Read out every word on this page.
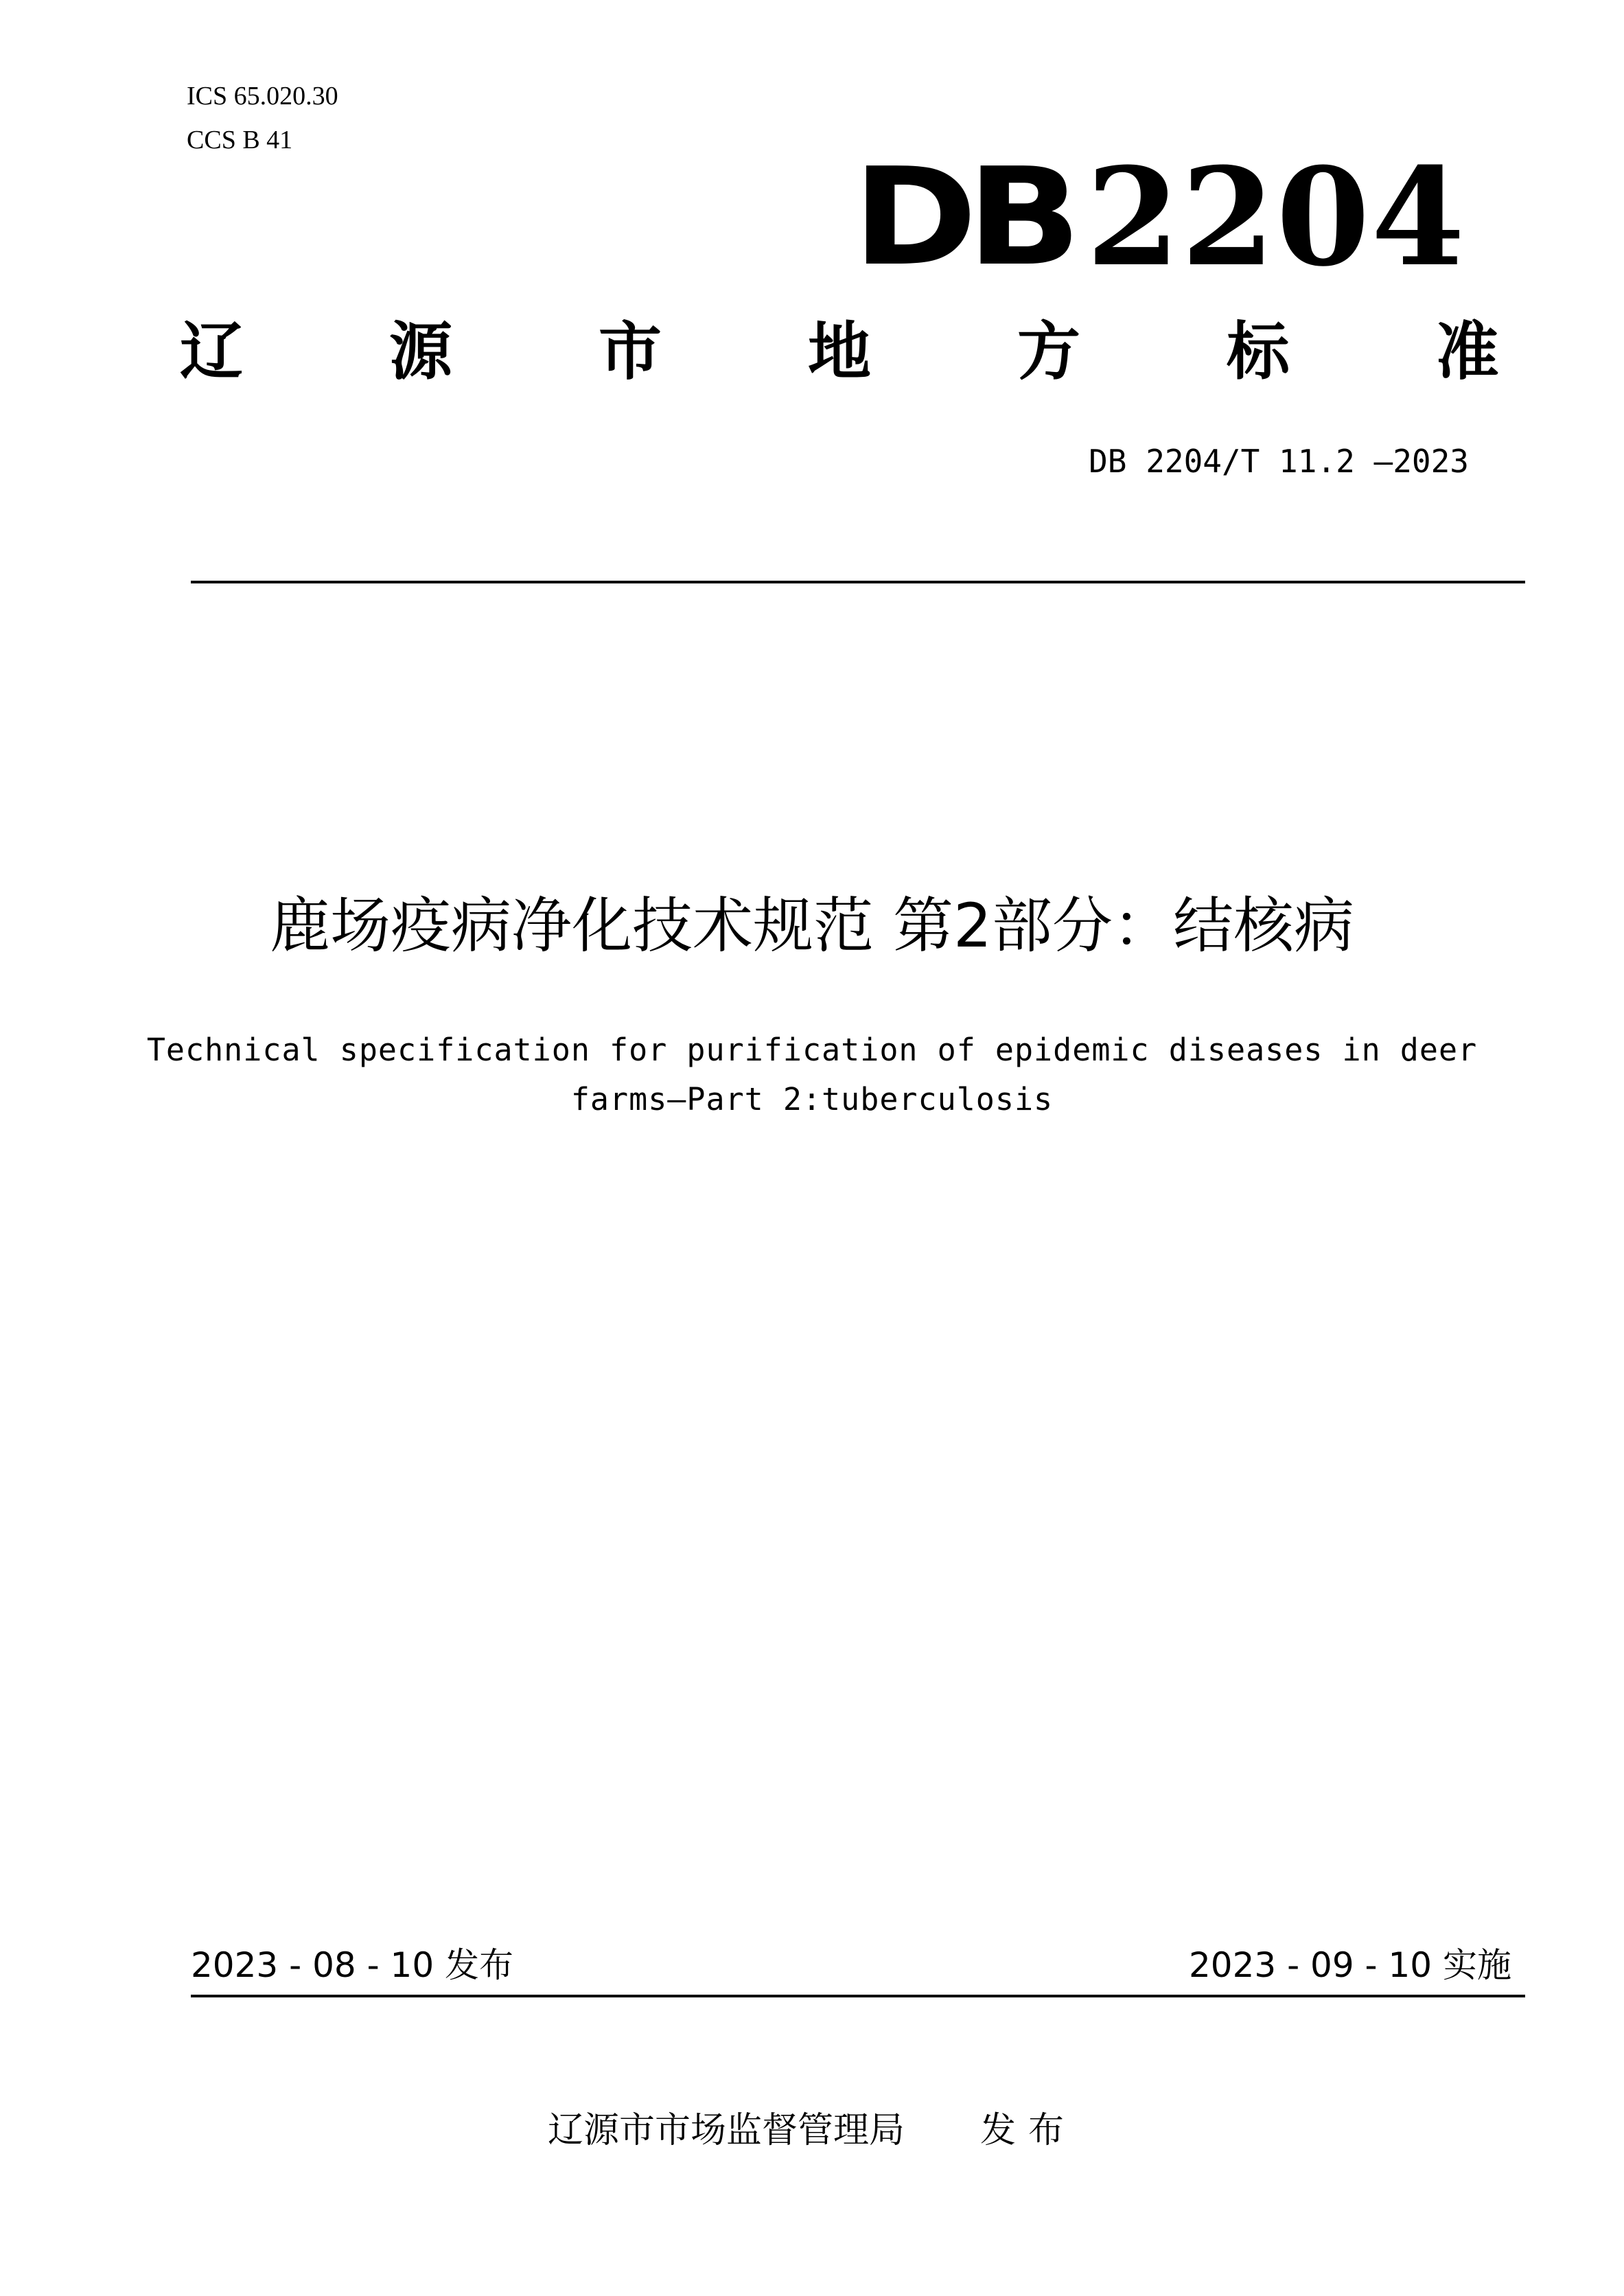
ICS 65.020.30
CCS B 41	DB 2204
辽 源 市 地 方 标 准
DB 2204/T 11.2 —2023
鹿场疫病净化技术规范 第2部分：结核病
Technical specification for purification of epidemic diseases in deer
farms—Part 2:tuberculosis
2023 - 08 - 10 发布	2023 - 09 - 10 实施
辽源市市场监督管理局 发布
